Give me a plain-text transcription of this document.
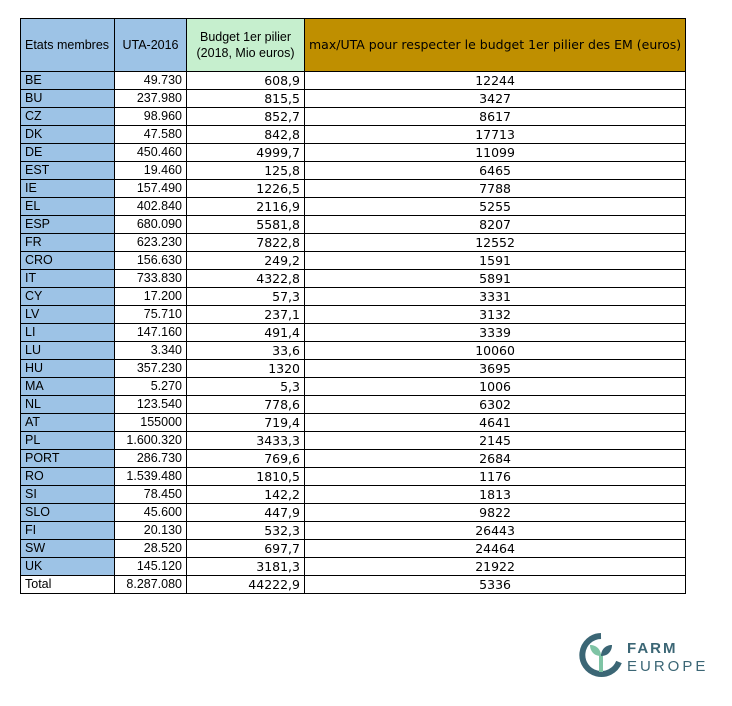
Etats membres	UTA-2016	Budget 1er pilier (2018, Mio euros)	max/UTA pour respecter le budget 1er pilier des EM (euros)
BE	49.730	608,9	12244
BU	237.980	815,5	3427
CZ	98.960	852,7	8617
DK	47.580	842,8	17713
DE	450.460	4999,7	11099
EST	19.460	125,8	6465
IE	157.490	1226,5	7788
EL	402.840	2116,9	5255
ESP	680.090	5581,8	8207
FR	623.230	7822,8	12552
CRO	156.630	249,2	1591
IT	733.830	4322,8	5891
CY	17.200	57,3	3331
LV	75.710	237,1	3132
LI	147.160	491,4	3339
LU	3.340	33,6	10060
HU	357.230	1320	3695
MA	5.270	5,3	1006
NL	123.540	778,6	6302
AT	155000	719,4	4641
PL	1.600.320	3433,3	2145
PORT	286.730	769,6	2684
RO	1.539.480	1810,5	1176
SI	78.450	142,2	1813
SLO	45.600	447,9	9822
FI	20.130	532,3	26443
SW	28.520	697,7	24464
UK	145.120	3181,3	21922
Total	8.287.080	44222,9	5336
FARM
EUROPE
